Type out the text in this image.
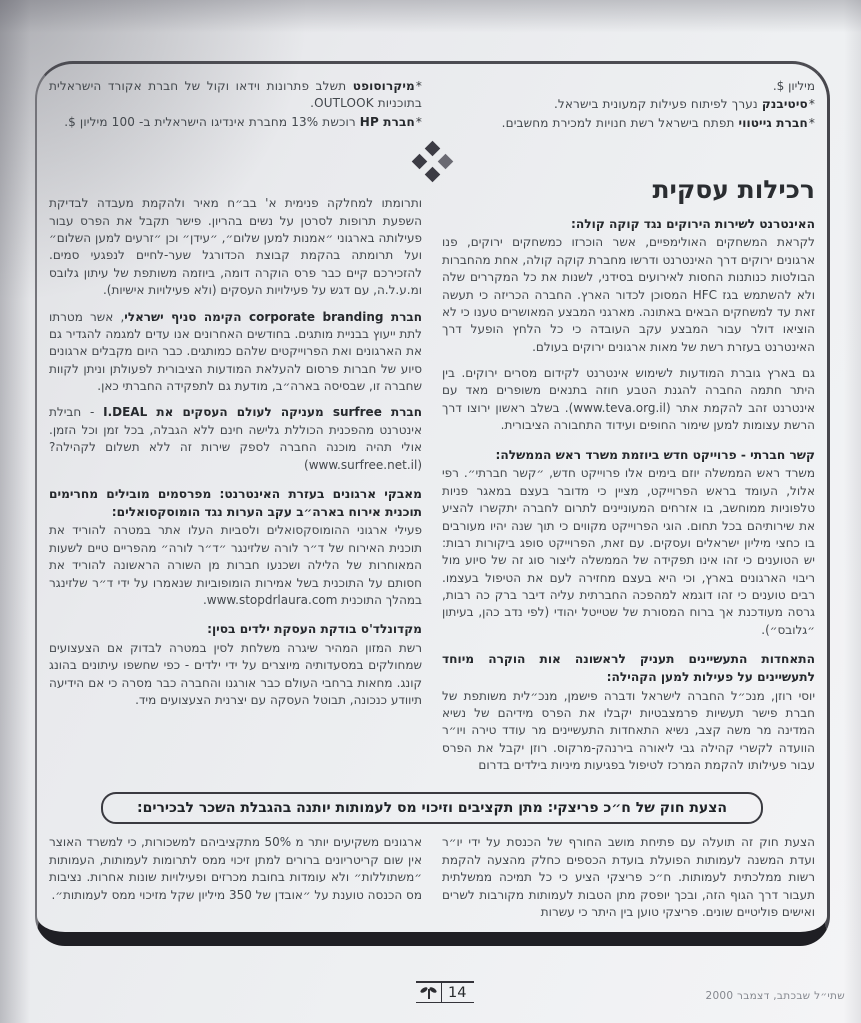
מיליון $.

*סיטיבנק נערך לפיתוח פעילות קמעונית בישראל.

*חברת גייטווי תפתח בישראל רשת חנויות למכירת מחשבים.

רכילות עסקית
האינטרנט לשירות הירוקים נגד קוקה קולה:

לקראת המשחקים האולימפיים, אשר הוכרזו כמשחקים ירוקים, פנו ארגונים ירוקים דרך האינטרנט ודרשו מחברת קוקה קולה, אחת מהחברות הבולטות כנותנות החסות לאירועים בסידני, לשנות את כל המקררים שלה ולא להשתמש בגז HFC המסוכן לכדור הארץ. החברה הכריזה כי תעשה זאת עד למשחקים הבאים באתונה. מארגני המבצע המאושרים טענו כי לא הוציאו דולר עבור המבצע עקב העובדה כי כל הלחץ הופעל דרך האינטרנט בעזרת רשת של מאות ארגונים ירוקים בעולם.

גם בארץ גוברת המודעות לשימוש אינטרנט לקידום מסרים ירוקים. בין היתר חתמה החברה להגנת הטבע חוזה בתנאים משופרים מאד עם אינטרנט זהב להקמת אתר (www.teva.org.il). בשלב ראשון ירוצו דרך הרשת עצומות למען שימור החופים ועידוד התחבורה הציבורית.

קשר חברתי - פרוייקט חדש ביוזמת משרד ראש הממשלה:

משרד ראש הממשלה יוזם בימים אלו פרוייקט חדש, ״קשר חברתי״. רפי אלול, העומד בראש הפרוייקט, מציין כי מדובר בעצם במאגר פניות טלפוניות ממוחשב, בו אזרחים המעוניינים לתרום לחברה יתקשרו להציע את שירותיהם בכל תחום. הוגי הפרוייקט מקווים כי תוך שנה יהיו מעורבים בו כחצי מיליון ישראלים ועסקים. עם זאת, הפרוייקט סופג ביקורות רבות: יש הטוענים כי זהו אינו תפקידה של הממשלה ליצור סוג זה של סיוע מול ריבוי הארגונים בארץ, וכי היא בעצם מחזירה לעם את הטיפול בעצמו. רבים טוענים כי זהו דוגמא למהפכה החברתית עליה דיבר ברק כה רבות, גרסה מעודכנת אך ברוח המסורת של שטייטל יהודי (לפי נדב כהן, בעיתון ״גלובס״).

התאחדות התעשיינים תעניק לראשונה אות הוקרה מיוחד לתעשיינים על פעילות למען הקהילה:

יוסי רוזן, מנכ״ל החברה לישראל ודברה פישמן, מנכ״לית משותפת של חברת פישר תעשיות פרמצבטיות יקבלו את הפרס מידיהם של נשיא המדינה מר משה קצב, נשיא התאחדות התעשיינים מר עודד טירה ויו״ר הוועדה לקשרי קהילה גבי ליאורה בירנהק-מרקוס. רוזן יקבל את הפרס עבור פעילותו להקמת המרכז לטיפול בפגיעות מיניות בילדים בדרום

*מיקרוסופט תשלב פתרונות וידאו וקול של חברת אקורד הישראלית בתוכניות OUTLOOK.

*חברת HP רוכשת 13% מחברת אינדיגו הישראלית ב- 100 מיליון $.

ותרומתו למחלקה פנימית א' בב״ח מאיר ולהקמת מעבדה לבדיקת השפעת תרופות לסרטן על נשים בהריון. פישר תקבל את הפרס עבור פעילותה בארגוני ״אמנות למען שלום״, ״עידן״ וכן ״זרעים למען השלום״ ועל תרומתה בהקמת קבוצת הכדורגל שער-לחיים לנפגעי סמים. להזכירכם קיים כבר פרס הוקרה דומה, ביוזמה משותפת של עיתון גלובס ומ.ע.ל.ה, עם דגש על פעילויות העסקים (ולא פעילויות אישיות).

חברת corporate branding הקימה סניף ישראלי, אשר מטרתו לתת ייעוץ בבניית מותגים. בחודשים האחרונים אנו עדים למגמה להגדיר גם את הארגונים ואת הפרוייקטים שלהם כמותגים. כבר היום מקבלים ארגונים סיוע של חברות פרסום להעלאת המודעות הציבורית לפעולתן וניתן לקוות שחברה זו, שבסיסה בארה״ב, מודעת גם לתפקידה החברתי כאן.

חברת surfree מעניקה לעולם העסקים את I.DEAL - חבילת אינטרנט מהפכנית הכוללת גלישה חינם ללא הגבלה, בכל זמן וכל הזמן. אולי תהיה מוכנה החברה לספק שירות זה ללא תשלום לקהילה? (www.surfree.net.il)

מאבקי ארגונים בעזרת האינטרנט: מפרסמים מובילים מחרימים תוכנית אירוח בארה״ב עקב הערות נגד הומוסקסואלים:

פעילי ארגוני ההומוסקסואלים ולסביות העלו אתר במטרה להוריד את תוכנית האירוח של ד״ר לורה שלזינגר ״ד״ר לורה״ מהפריים טיים לשעות המאוחרות של הלילה ושכנעו חברות מן השורה הראשונה להוריד את חסותם על התוכנית בשל אמירות הומופוביות שנאמרו על ידי ד״ר שלזינגר במהלך התוכנית www.stopdrlaura.com.

מקדונלד'ס בודקת העסקת ילדים בסין:

רשת המזון המהיר שיגרה משלחת לסין במטרה לבדוק אם הצעצועים שמחולקים במסעדותיה מיוצרים על ידי ילדים - כפי שחשפו עיתונים בהונג קונג. מחאות ברחבי העולם כבר אורגנו והחברה כבר מסרה כי אם הידיעה תיוודע כנכונה, תבוטל העסקה עם יצרנית הצעצועים מיד.

הצעת חוק של ח״כ פריצקי: מתן תקציבים וזיכוי מס לעמותות יותנה בהגבלת השכר לבכירים:

הצעת חוק זה תועלה עם פתיחת מושב החורף של הכנסת על ידי יו״ר ועדת המשנה לעמותות הפועלת בועדת הכספים כחלק מהצעה להקמת רשות ממלכתית לעמותות. ח״כ פריצקי הציע כי כל תמיכה ממשלתית תעבור דרך הגוף הזה, ובכך יופסק מתן הטבות לעמותות מקורבות לשרים ואישים פוליטיים שונים. פריצקי טוען בין היתר כי עשרות

ארגונים משקיעים יותר מ 50% מתקציביהם למשכורות, כי למשרד האוצר אין שום קריטריונים ברורים למתן זיכוי ממס לתרומות לעמותות, העמותות ״משתוללות״ ולא עומדות בחובת מכרזים ופעילויות שונות אחרות. נציבות מס הכנסה טוענת על ״אובדן של 350 מיליון שקל מזיכוי ממס לעמותות״.

14	שתי״ל שבכתב, דצמבר 2000
